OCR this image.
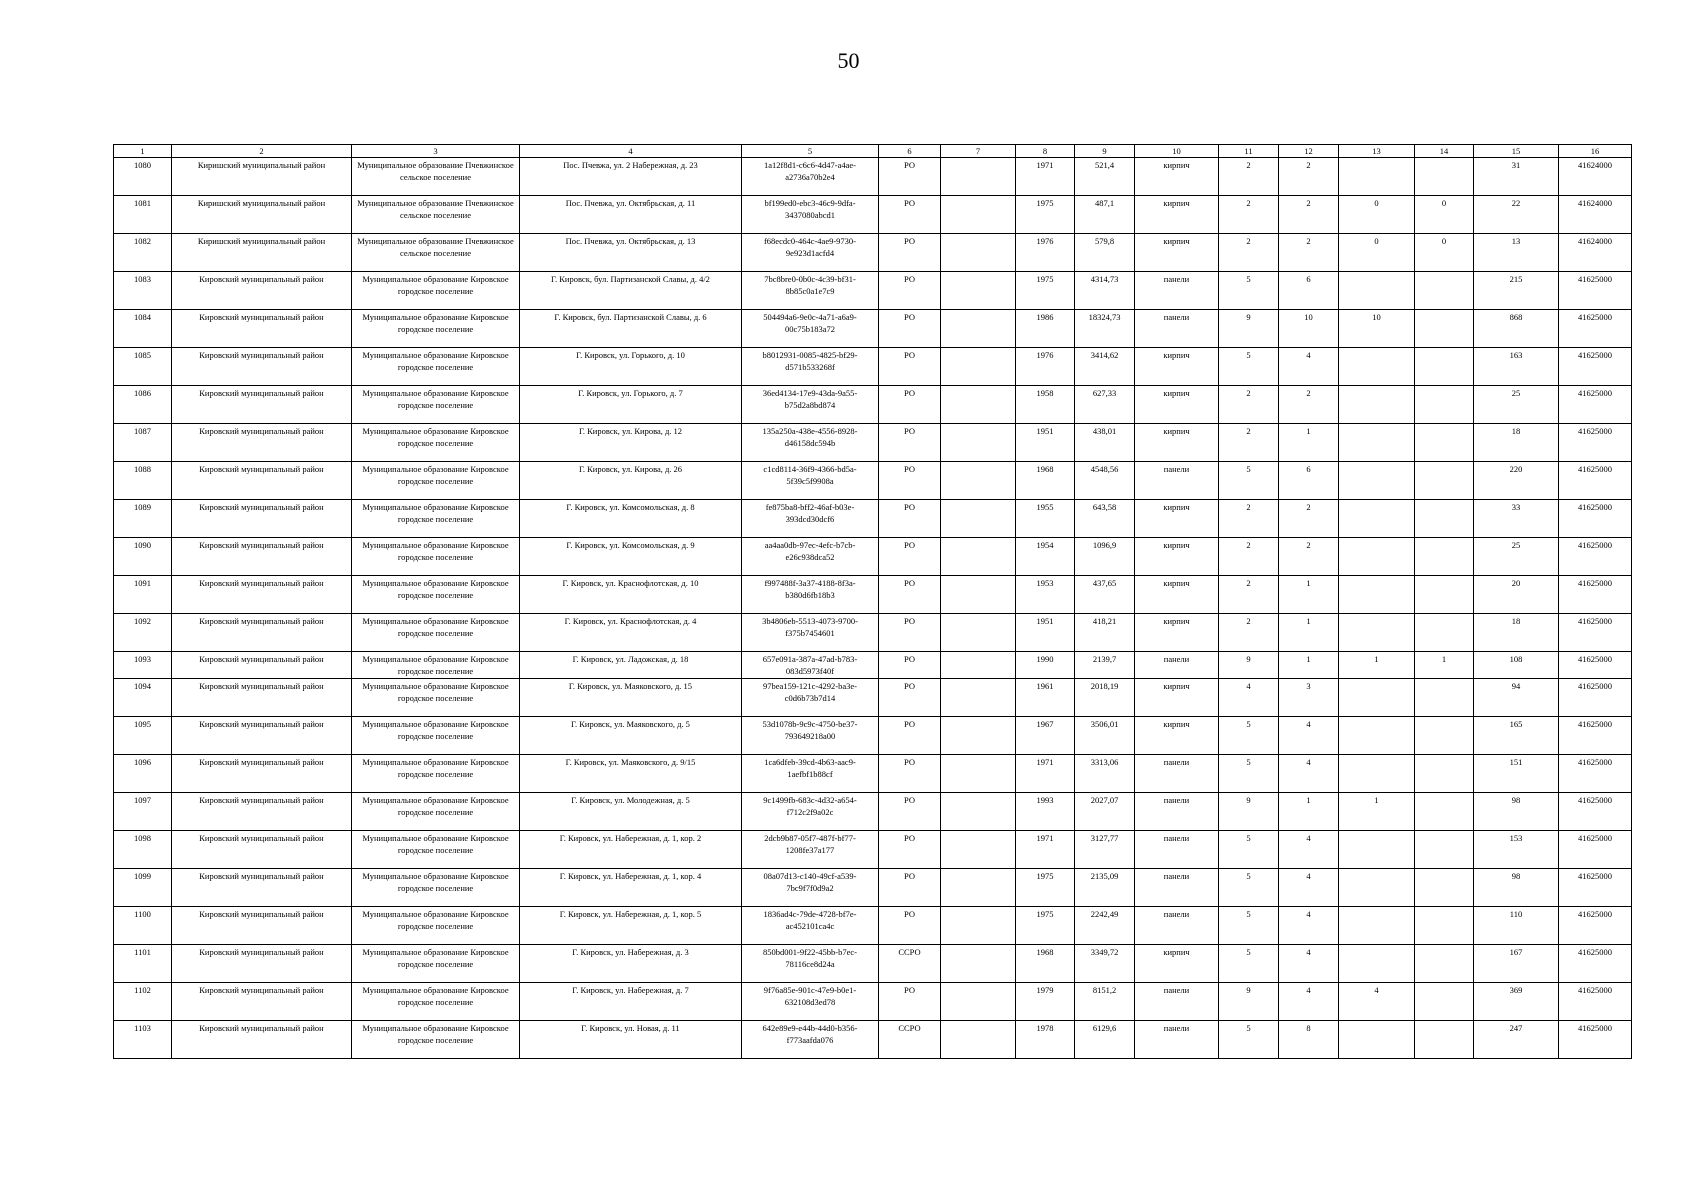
50
1	2	3	4	5	6	7	8	9	10	11	12	13	14	15	16
1080	Киришский муниципальный район	Муниципальное образование Пчевжинское сельское поселение	Пос. Пчевжа, ул. 2 Набережная, д. 23	1a12f8d1-c6c6-4d47-a4ae-a2736a70b2e4	РО		1971	521,4	кирпич	2	2			31	41624000
1081	Киришский муниципальный район	Муниципальное образование Пчевжинское сельское поселение	Пос. Пчевжа, ул. Октябрьская, д. 11	bf199ed0-ebc3-46c9-9dfa-3437080abcd1	РО		1975	487,1	кирпич	2	2	0	0	22	41624000
1082	Киришский муниципальный район	Муниципальное образование Пчевжинское сельское поселение	Пос. Пчевжа, ул. Октябрьская, д. 13	f68ecdc0-464c-4ae9-9730-9e923d1acfd4	РО		1976	579,8	кирпич	2	2	0	0	13	41624000
1083	Кировский муниципальный район	Муниципальное образование Кировское городское поселение	Г. Кировск, бул. Партизанской Славы, д. 4/2	7bc8bre0-0b0c-4c39-bf31-8b85c0a1e7c9	РО		1975	4314,73	панели	5	6			215	41625000
1084	Кировский муниципальный район	Муниципальное образование Кировское городское поселение	Г. Кировск, бул. Партизанской Славы, д. 6	504494a6-9e0c-4a71-a6a9-00c75b183a72	РО		1986	18324,73	панели	9	10	10		868	41625000
1085	Кировский муниципальный район	Муниципальное образование Кировское городское поселение	Г. Кировск, ул. Горького, д. 10	b8012931-0085-4825-bf29-d571b533268f	РО		1976	3414,62	кирпич	5	4			163	41625000
1086	Кировский муниципальный район	Муниципальное образование Кировское городское поселение	Г. Кировск, ул. Горького, д. 7	36ed4134-17e9-43da-9a55-b75d2a8bd874	РО		1958	627,33	кирпич	2	2			25	41625000
1087	Кировский муниципальный район	Муниципальное образование Кировское городское поселение	Г. Кировск, ул. Кирова, д. 12	135a250a-438e-4556-8928-d46158dc594b	РО		1951	438,01	кирпич	2	1			18	41625000
1088	Кировский муниципальный район	Муниципальное образование Кировское городское поселение	Г. Кировск, ул. Кирова, д. 26	c1cd8114-36f9-4366-bd5a-5f39c5f9908a	РО		1968	4548,56	панели	5	6			220	41625000
1089	Кировский муниципальный район	Муниципальное образование Кировское городское поселение	Г. Кировск, ул. Комсомольская, д. 8	fe875ba8-bff2-46af-b03e-393dcd30dcf6	РО		1955	643,58	кирпич	2	2			33	41625000
1090	Кировский муниципальный район	Муниципальное образование Кировское городское поселение	Г. Кировск, ул. Комсомольская, д. 9	aa4aa0db-97ec-4efc-b7cb-e26c938dca52	РО		1954	1096,9	кирпич	2	2			25	41625000
1091	Кировский муниципальный район	Муниципальное образование Кировское городское поселение	Г. Кировск, ул. Краснофлотская, д. 10	f997488f-3a37-4188-8f3a-b380d6fb18b3	РО		1953	437,65	кирпич	2	1			20	41625000
1092	Кировский муниципальный район	Муниципальное образование Кировское городское поселение	Г. Кировск, ул. Краснофлотская, д. 4	3b4806eb-5513-4073-9700-f375b7454601	РО		1951	418,21	кирпич	2	1			18	41625000
1093	Кировский муниципальный район	Муниципальное образование Кировское городское поселение	Г. Кировск, ул. Ладожская, д. 18	657e091a-387a-47ad-b783-083d5973f40f	РО		1990	2139,7	панели	9	1	1	1	108	41625000
1094	Кировский муниципальный район	Муниципальное образование Кировское городское поселение	Г. Кировск, ул. Маяковского, д. 15	97bea159-121c-4292-ba3e-c0d6b73b7d14	РО		1961	2018,19	кирпич	4	3			94	41625000
1095	Кировский муниципальный район	Муниципальное образование Кировское городское поселение	Г. Кировск, ул. Маяковского, д. 5	53d1078b-9c9c-4750-be37-793649218a00	РО		1967	3506,01	кирпич	5	4			165	41625000
1096	Кировский муниципальный район	Муниципальное образование Кировское городское поселение	Г. Кировск, ул. Маяковского, д. 9/15	1ca6dfeb-39cd-4b63-aac9-1aefbf1b88cf	РО		1971	3313,06	панели	5	4			151	41625000
1097	Кировский муниципальный район	Муниципальное образование Кировское городское поселение	Г. Кировск, ул. Молодежная, д. 5	9c1499fb-683c-4d32-a654-f712c2f9a02c	РО		1993	2027,07	панели	9	1	1		98	41625000
1098	Кировский муниципальный район	Муниципальное образование Кировское городское поселение	Г. Кировск, ул. Набережная, д. 1, кор. 2	2dcb9b87-05f7-487f-bf77-1208fe37a177	РО		1971	3127,77	панели	5	4			153	41625000
1099	Кировский муниципальный район	Муниципальное образование Кировское городское поселение	Г. Кировск, ул. Набережная, д. 1, кор. 4	08a07d13-c140-49cf-a539-7bc9f7f0d9a2	РО		1975	2135,09	панели	5	4			98	41625000
1100	Кировский муниципальный район	Муниципальное образование Кировское городское поселение	Г. Кировск, ул. Набережная, д. 1, кор. 5	1836ad4c-79de-4728-bf7e-ac452101ca4c	РО		1975	2242,49	панели	5	4			110	41625000
1101	Кировский муниципальный район	Муниципальное образование Кировское городское поселение	Г. Кировск, ул. Набережная, д. 3	850bd001-9f22-45bb-b7ec-78116ce8d24a	ССРО		1968	3349,72	кирпич	5	4			167	41625000
1102	Кировский муниципальный район	Муниципальное образование Кировское городское поселение	Г. Кировск, ул. Набережная, д. 7	9f76a85e-901c-47e9-b0e1-632108d3ed78	РО		1979	8151,2	панели	9	4	4		369	41625000
1103	Кировский муниципальный район	Муниципальное образование Кировское городское поселение	Г. Кировск, ул. Новая, д. 11	642e89e9-e44b-44d0-b356-f773aafda076	ССРО		1978	6129,6	панели	5	8			247	41625000
